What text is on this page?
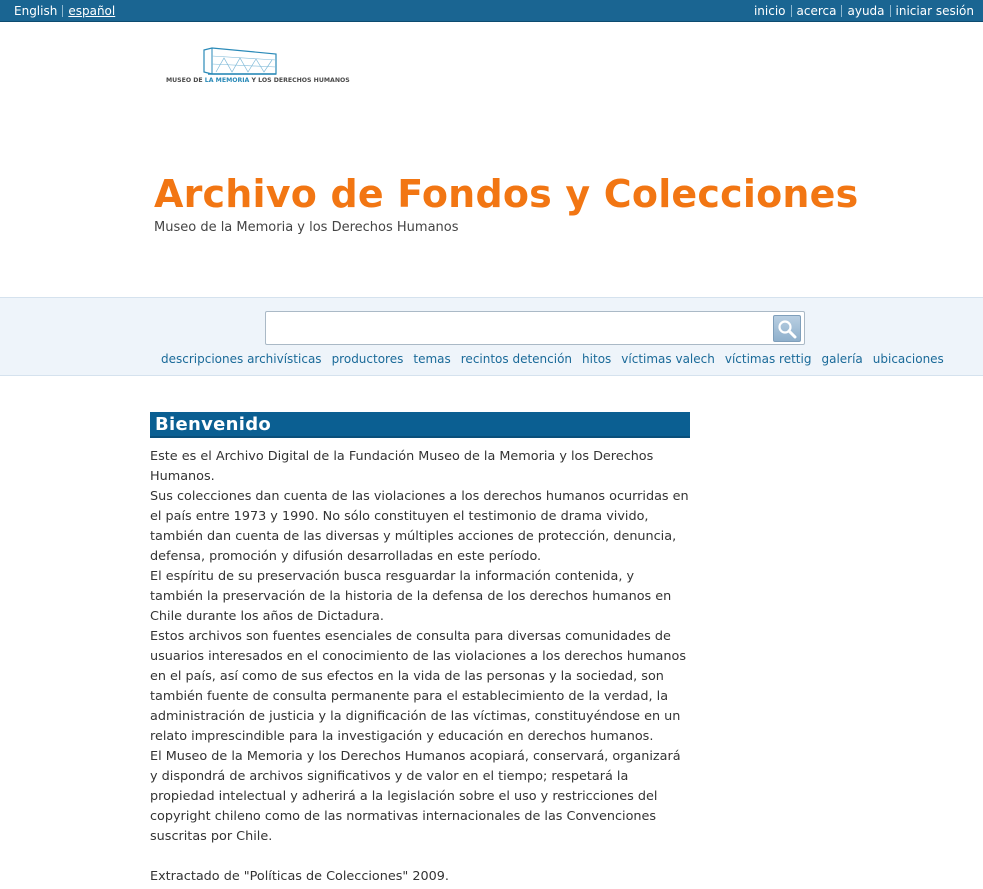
English español	inicio acerca ayuda iniciar sesión
MUSEO DE LA MEMORIA Y LOS DERECHOS HUMANOS
Archivo de Fondos y Colecciones
Museo de la Memoria y los Derechos Humanos
descripciones archivísticas productores temas recintos detención hitos víctimas valech víctimas rettig galería ubicaciones
Bienvenido

Este es el Archivo Digital de la Fundación Museo de la Memoria y los Derechos Humanos.

Sus colecciones dan cuenta de las violaciones a los derechos humanos ocurridas en el país entre 1973 y 1990. No sólo constituyen el testimonio de drama vivido, también dan cuenta de las diversas y múltiples acciones de protección, denuncia, defensa, promoción y difusión desarrolladas en este período.

El espíritu de su preservación busca resguardar la información contenida, y también la preservación de la historia de la defensa de los derechos humanos en Chile durante los años de Dictadura.

Estos archivos son fuentes esenciales de consulta para diversas comunidades de usuarios interesados en el conocimiento de las violaciones a los derechos humanos en el país, así como de sus efectos en la vida de las personas y la sociedad, son también fuente de consulta permanente para el establecimiento de la verdad, la administración de justicia y la dignificación de las víctimas, constituyéndose en un relato imprescindible para la investigación y educación en derechos humanos.

El Museo de la Memoria y los Derechos Humanos acopiará, conservará, organizará y dispondrá de archivos significativos y de valor en el tiempo; respetará la propiedad intelectual y adherirá a la legislación sobre el uso y restricciones del copyright chileno como de las normativas internacionales de las Convenciones suscritas por Chile.

Extractado de "Políticas de Colecciones" 2009.
